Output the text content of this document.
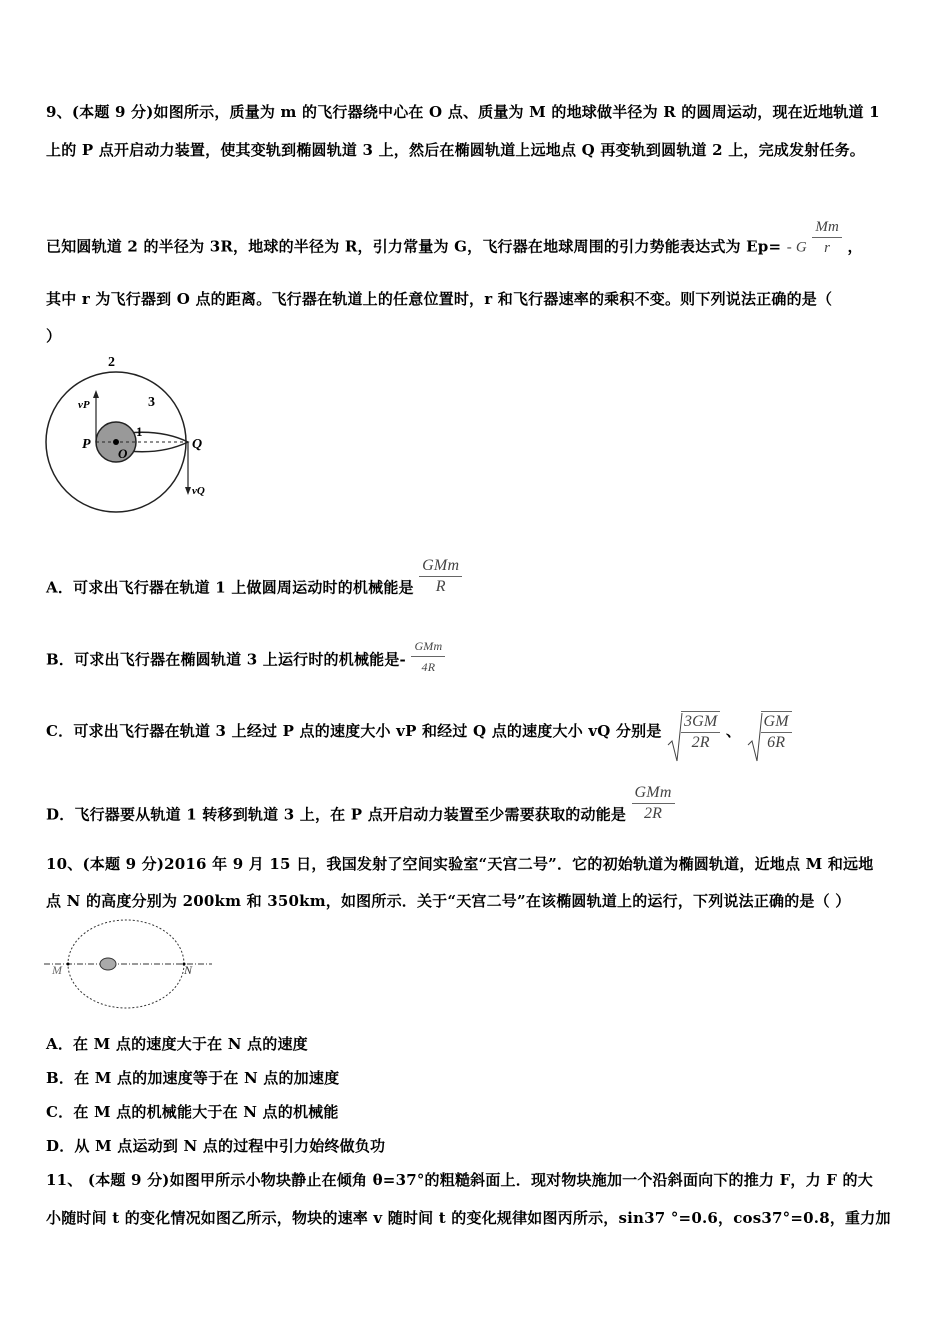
9、(本题 9 分)如图所示，质量为 m 的飞行器绕中心在 O 点、质量为 M 的地球做半径为 R 的圆周运动，现在近地轨道 1
上的 P 点开启动力装置，使其变轨到椭圆轨道 3 上，然后在椭圆轨道上远地点 Q 再变轨到圆轨道 2 上，完成发射任务。
已知圆轨道 2 的半径为 3R，地球的半径为 R，引力常量为 G，飞行器在地球周围的引力势能表达式为 Ep= - G $\frac{Mm}{r}$ ，
其中 r 为飞行器到 O 点的距离。飞行器在轨道上的任意位置时，r 和飞行器速率的乘积不变。则下列说法正确的是（
）
2
3
1
P	Q
O
vP
vQ
A．可求出飞行器在轨道 1 上做圆周运动时的机械能是 $\frac{\text{GMm}}{R}$
B．可求出飞行器在椭圆轨道 3 上运行时的机械能是- $\frac{\text{GMm}}{4R}$
C．可求出飞行器在轨道 3 上经过 P 点的速度大小 vP 和经过 Q 点的速度大小 vQ 分别是 $\frac{3GM}{2R}$ 、 $\frac{GM}{6R}$
D．飞行器要从轨道 1 转移到轨道 3 上，在 P 点开启动力装置至少需要获取的动能是 $\frac{\text{GMm}}{2R}$
10、(本题 9 分)2016 年 9 月 15 日，我国发射了空间实验室“天宫二号”．它的初始轨道为椭圆轨道，近地点 M 和远地
点 N 的高度分别为 200km 和 350km，如图所示．关于“天宫二号”在该椭圆轨道上的运行，下列说法正确的是（ ）
M	N
A．在 M 点的速度大于在 N 点的速度
B．在 M 点的加速度等于在 N 点的加速度
C．在 M 点的机械能大于在 N 点的机械能
D．从 M 点运动到 N 点的过程中引力始终做负功
11、 (本题 9 分)如图甲所示小物块静止在倾角 θ=37°的粗糙斜面上．现对物块施加一个沿斜面向下的推力 F，力 F 的大
小随时间 t 的变化情况如图乙所示，物块的速率 v 随时间 t 的变化规律如图丙所示，sin37 °=0.6，cos37°=0.8，重力加
